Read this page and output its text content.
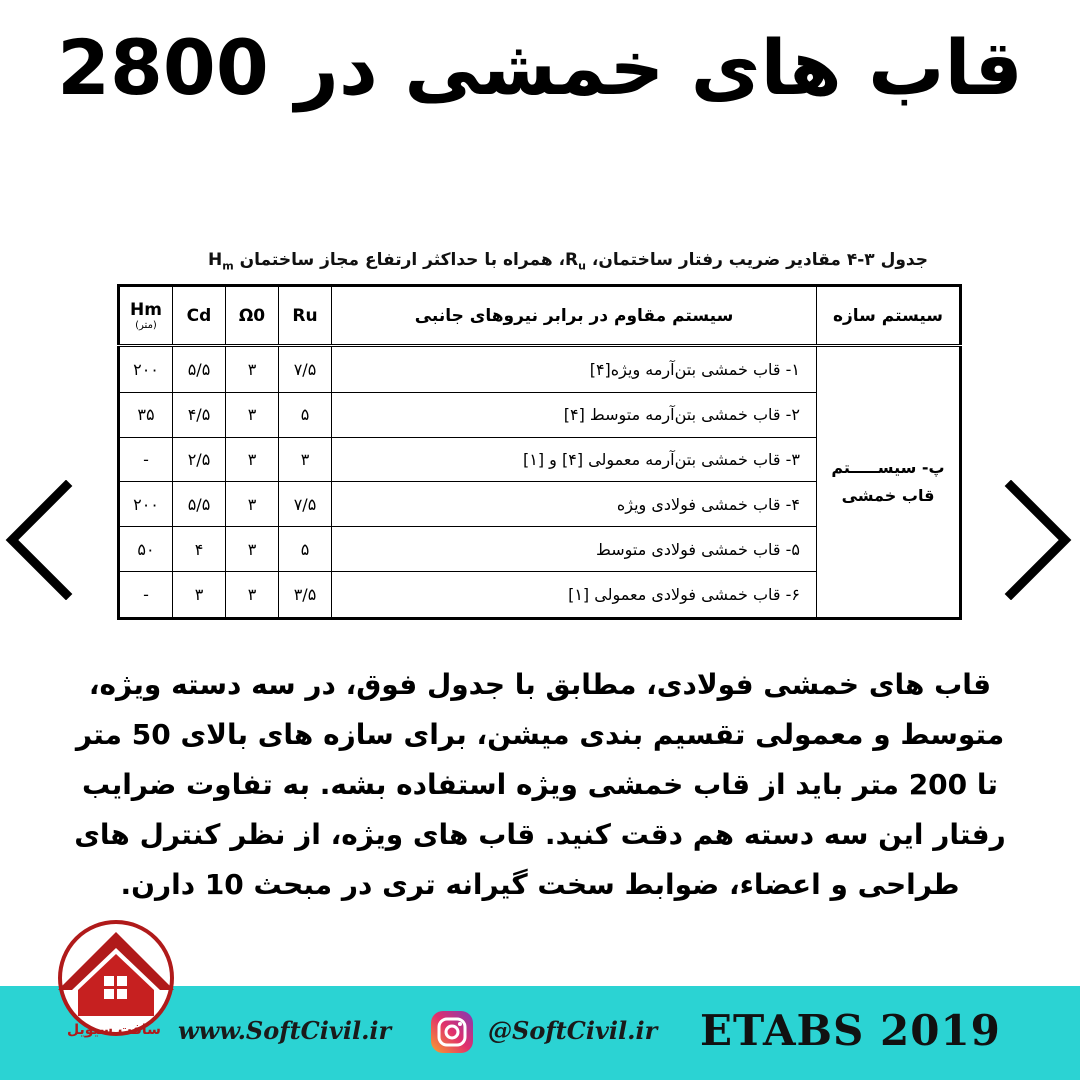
قاب های خمشی در 2800
جدول ۳-۴ مقادیر ضریب رفتار ساختمان، $R_u،$ همراه با حداکثر ارتفاع مجاز ساختمان $H_m$
سیستم سازه	سیستم مقاوم در برابر نیروهای جانبی	Ru	Ω0	Cd	Hm
(متر)

پ- سیســـــتم
قاب خمشی	۱- قاب خمشی بتن‌آرمه ویژه[۴]	۷/۵	۳	۵/۵	۲۰۰
	۲- قاب خمشی بتن‌آرمه متوسط [۴]	۵	۳	۴/۵	۳۵
	۳- قاب خمشی بتن‌آرمه معمولی [۴] و [۱]	۳	۳	۲/۵	-
	۴- قاب خمشی فولادی ویژه	۷/۵	۳	۵/۵	۲۰۰
	۵- قاب خمشی فولادی متوسط	۵	۳	۴	۵۰
	۶- قاب خمشی فولادی معمولی [۱]	۳/۵	۳	۳	-
قاب های خمشی فولادی، مطابق با جدول فوق، در سه دسته ویژه، متوسط و معمولی تقسیم بندی میشن، برای سازه های بالای 50 متر تا 200 متر باید از قاب خمشی ویژه استفاده بشه. به تفاوت ضرایب رفتار این سه دسته هم دقت کنید. قاب های ویژه، از نظر کنترل های طراحی و اعضاء، ضوابط سخت گیرانه تری در مبحث 10 دارن.
سافت سیویل www.SoftCivil.ir	@SoftCivil.ir ETABS 2019
